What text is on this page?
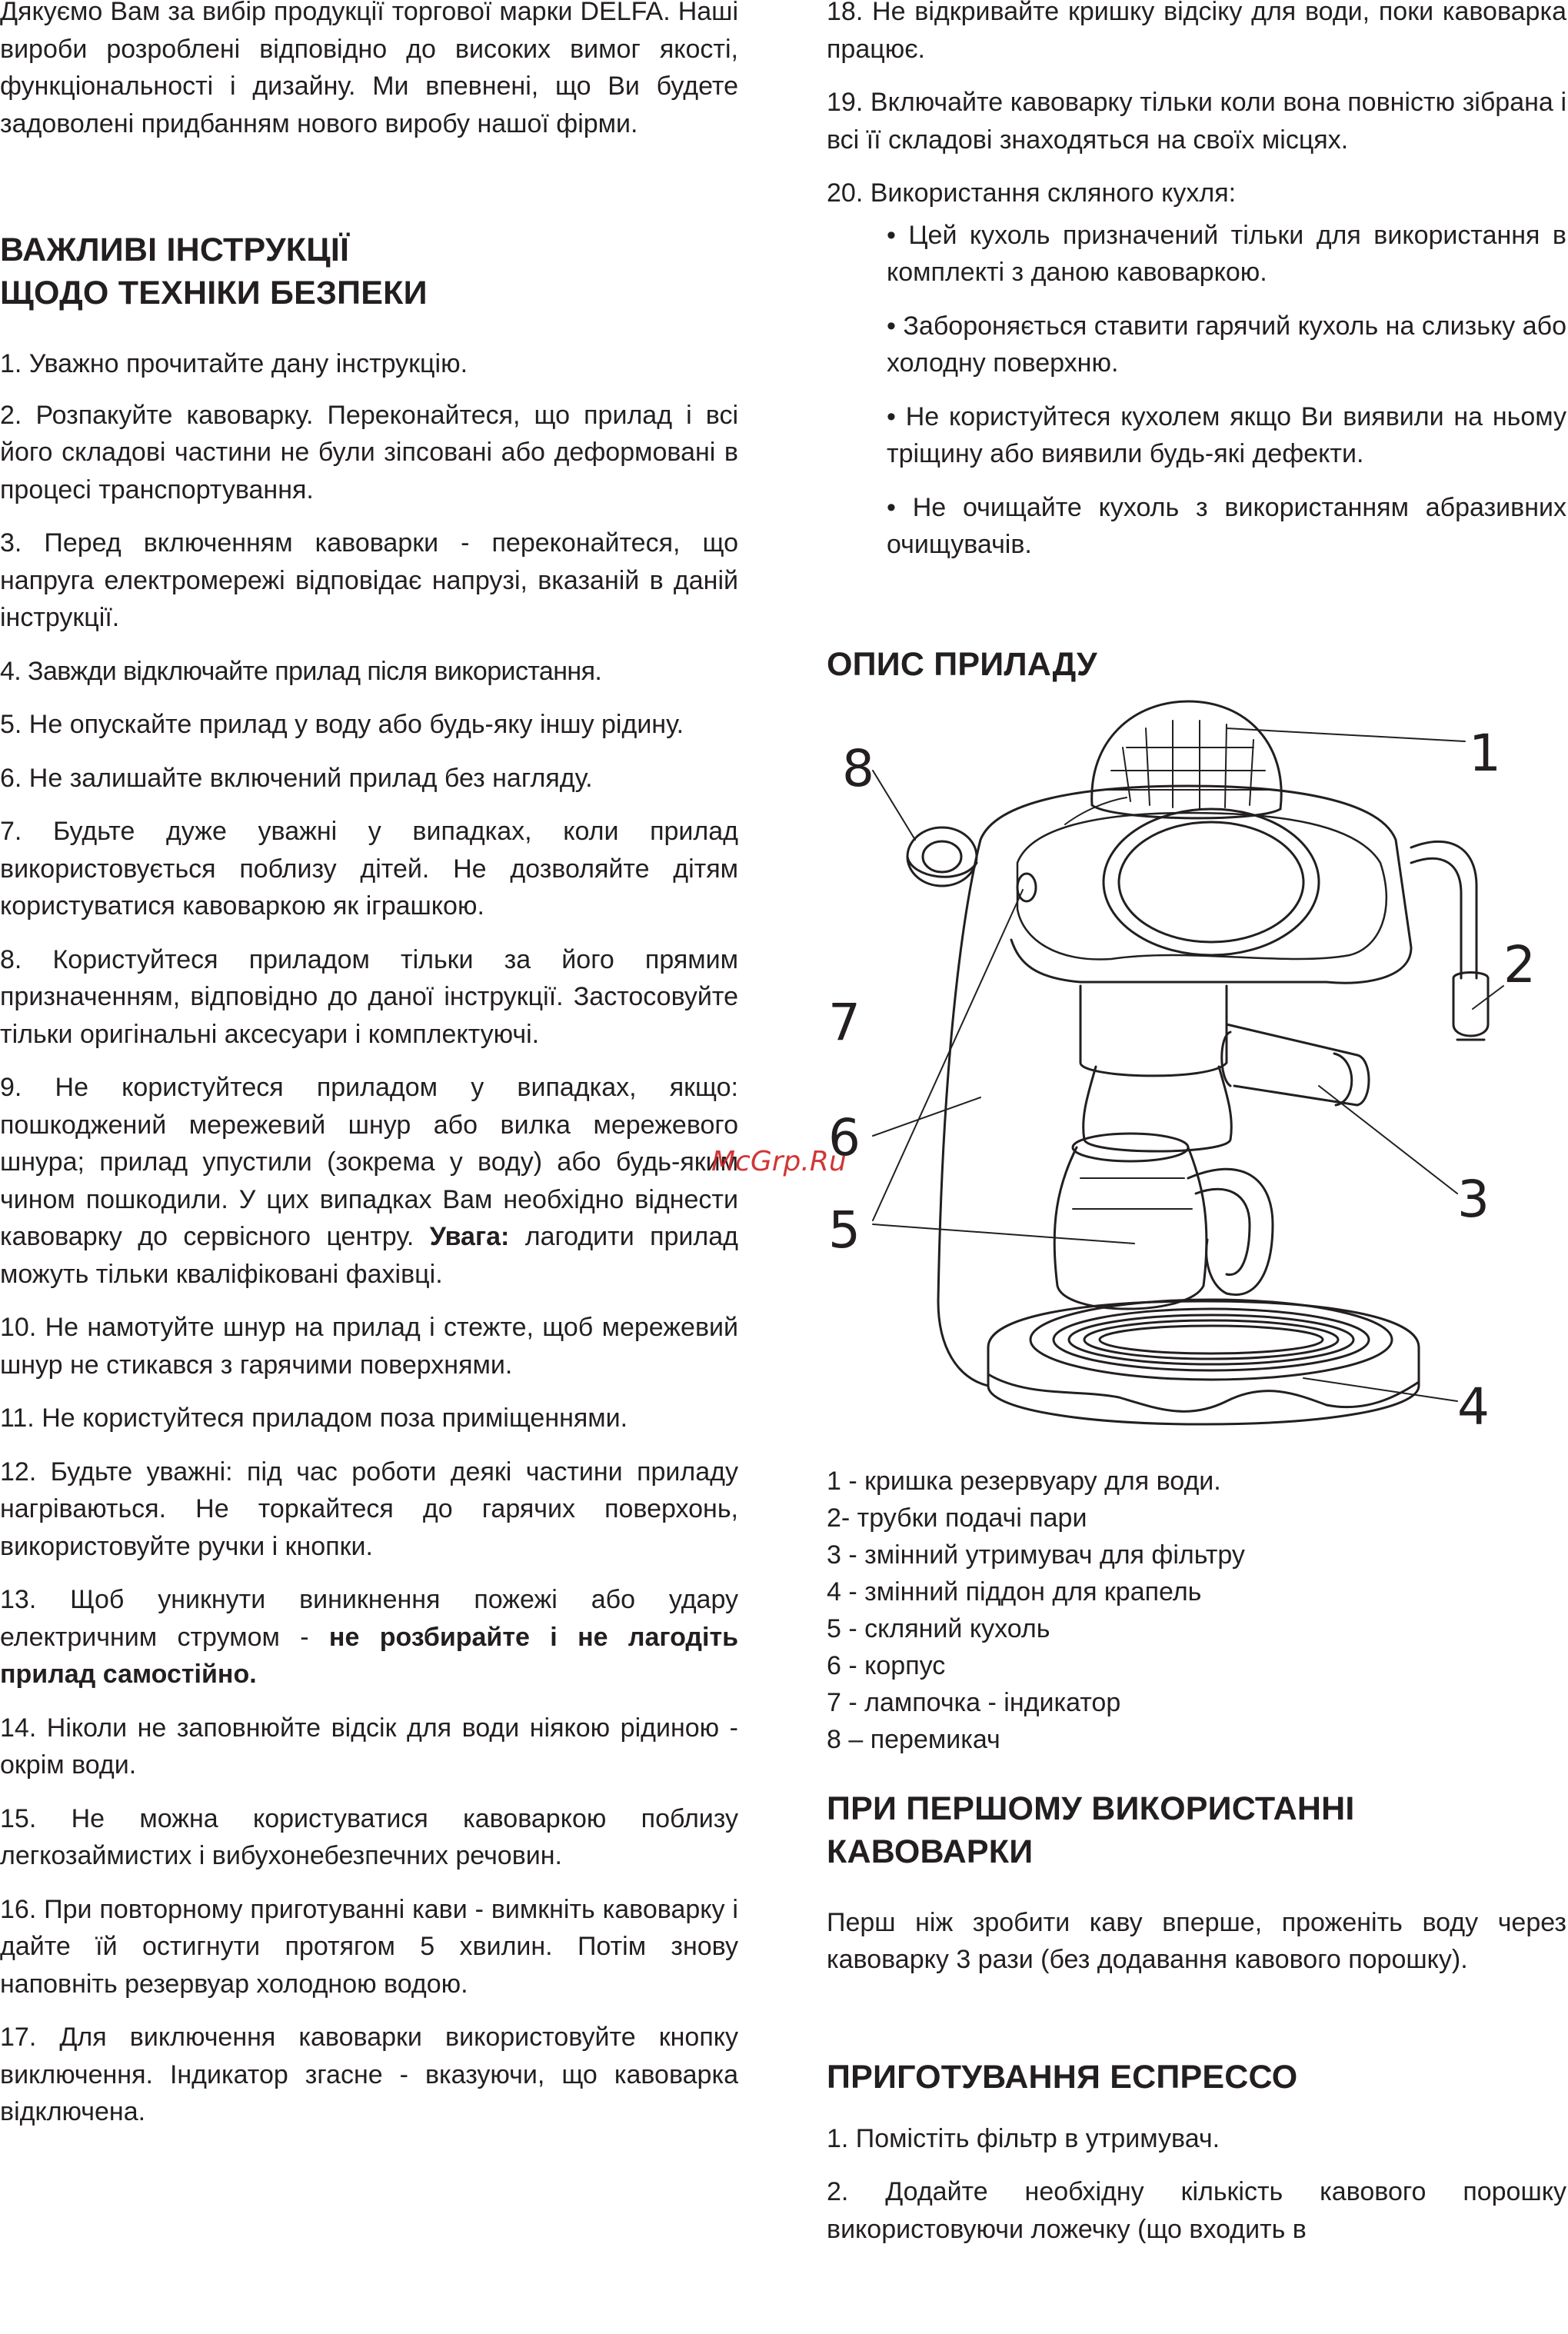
Дякуємо Вам за вибір продукції торгової марки DELFA. Наші вироби розроблені відповідно до високих вимог якості, функціональності і дизайну. Ми впевнені, що Ви будете задоволені придбанням нового виробу нашої фірми.

ВАЖЛИВІ ІНСТРУКЦІЇ
ЩОДО ТЕХНІКИ БЕЗПЕКИ

1. Уважно прочитайте дану інструкцію.

2. Розпакуйте кавоварку. Переконайтеся, що прилад і всі його складові частини не були зіпсовані або деформовані в процесі транспортування.

3. Перед включенням кавоварки - переконайтеся, що напруга електромережі відповідає напрузі, вказаній в даній інструкції.

4. Завжди відключайте прилад після використання.

5. Не опускайте прилад у воду або будь-яку іншу рідину.

6. Не залишайте включений прилад без нагляду.

7. Будьте дуже уважні у випадках, коли прилад використовується поблизу дітей. Не дозволяйте дітям користуватися кавоваркою як іграшкою.

8. Користуйтеся приладом тільки за його прямим призначенням, відповідно до даної інструкції. Застосовуйте тільки оригінальні аксесуари і комплектуючі.

9. Не користуйтеся приладом у випадках, якщо: пошкоджений мережевий шнур або вилка мережевого шнура; прилад упустили (зокрема у воду) або будь-яким чином пошкодили. У цих випадках Вам необхідно віднести кавоварку до сервісного центру. Увага: лагодити прилад можуть тільки кваліфіковані фахівці.

10. Не намотуйте шнур на прилад і стежте, щоб мережевий шнур не стикався з гарячими поверхнями.

11. Не користуйтеся приладом поза приміщеннями.

12. Будьте уважні: під час роботи деякі частини приладу нагріваються. Не торкайтеся до гарячих поверхонь, використовуйте ручки і кнопки.

13. Щоб уникнути виникнення пожежі або удару електричним струмом - не розбирайте і не лагодіть прилад самостійно.

14. Ніколи не заповнюйте відсік для води ніякою рідиною - окрім води.

15. Не можна користуватися кавоваркою поблизу легкозаймистих і вибухонебезпечних речовин.

16. При повторному приготуванні кави - вимкніть кавоварку і дайте їй остигнути протягом 5 хвилин. Потім знову наповніть резервуар холодною водою.

17. Для виключення кавоварки використовуйте кнопку виключення. Індикатор згасне - вказуючи, що кавоварка відключена.

18. Не відкривайте кришку відсіку для води, поки кавоварка працює.

19. Включайте кавоварку тільки коли вона повністю зібрана і всі її складові знаходяться на своїх місцях.

20. Використання скляного кухля:

• Цей кухоль призначений тільки для використання в комплекті з даною кавоваркою.

• Забороняється ставити гарячий кухоль на слизьку або холодну поверхню.

• Не користуйтеся кухолем якщо Ви виявили на ньому тріщину або виявили будь-які дефекти.

• Не очищайте кухоль з використанням абразивних очищувачів.

ОПИС ПРИЛАДУ
1
2
3
4
5
6
7
8

1 - кришка резервуару для води.

2- трубки подачі пари

3 - змінний утримувач для фільтру

4 - змінний піддон для крапель

5 - скляний кухоль

6 - корпус

7 - лампочка - індикатор

8 – перемикач

ПРИ ПЕРШОМУ ВИКОРИСТАННІ КАВОВАРКИ

Перш ніж зробити каву вперше, проженіть воду через кавоварку 3 рази (без додавання кавового порошку).

ПРИГОТУВАННЯ ЕСПРЕССО

1. Помістіть фільтр в утримувач.

2. Додайте необхідну кількість кавового порошку використовуючи ложечку (що входить в

McGrp.Ru
